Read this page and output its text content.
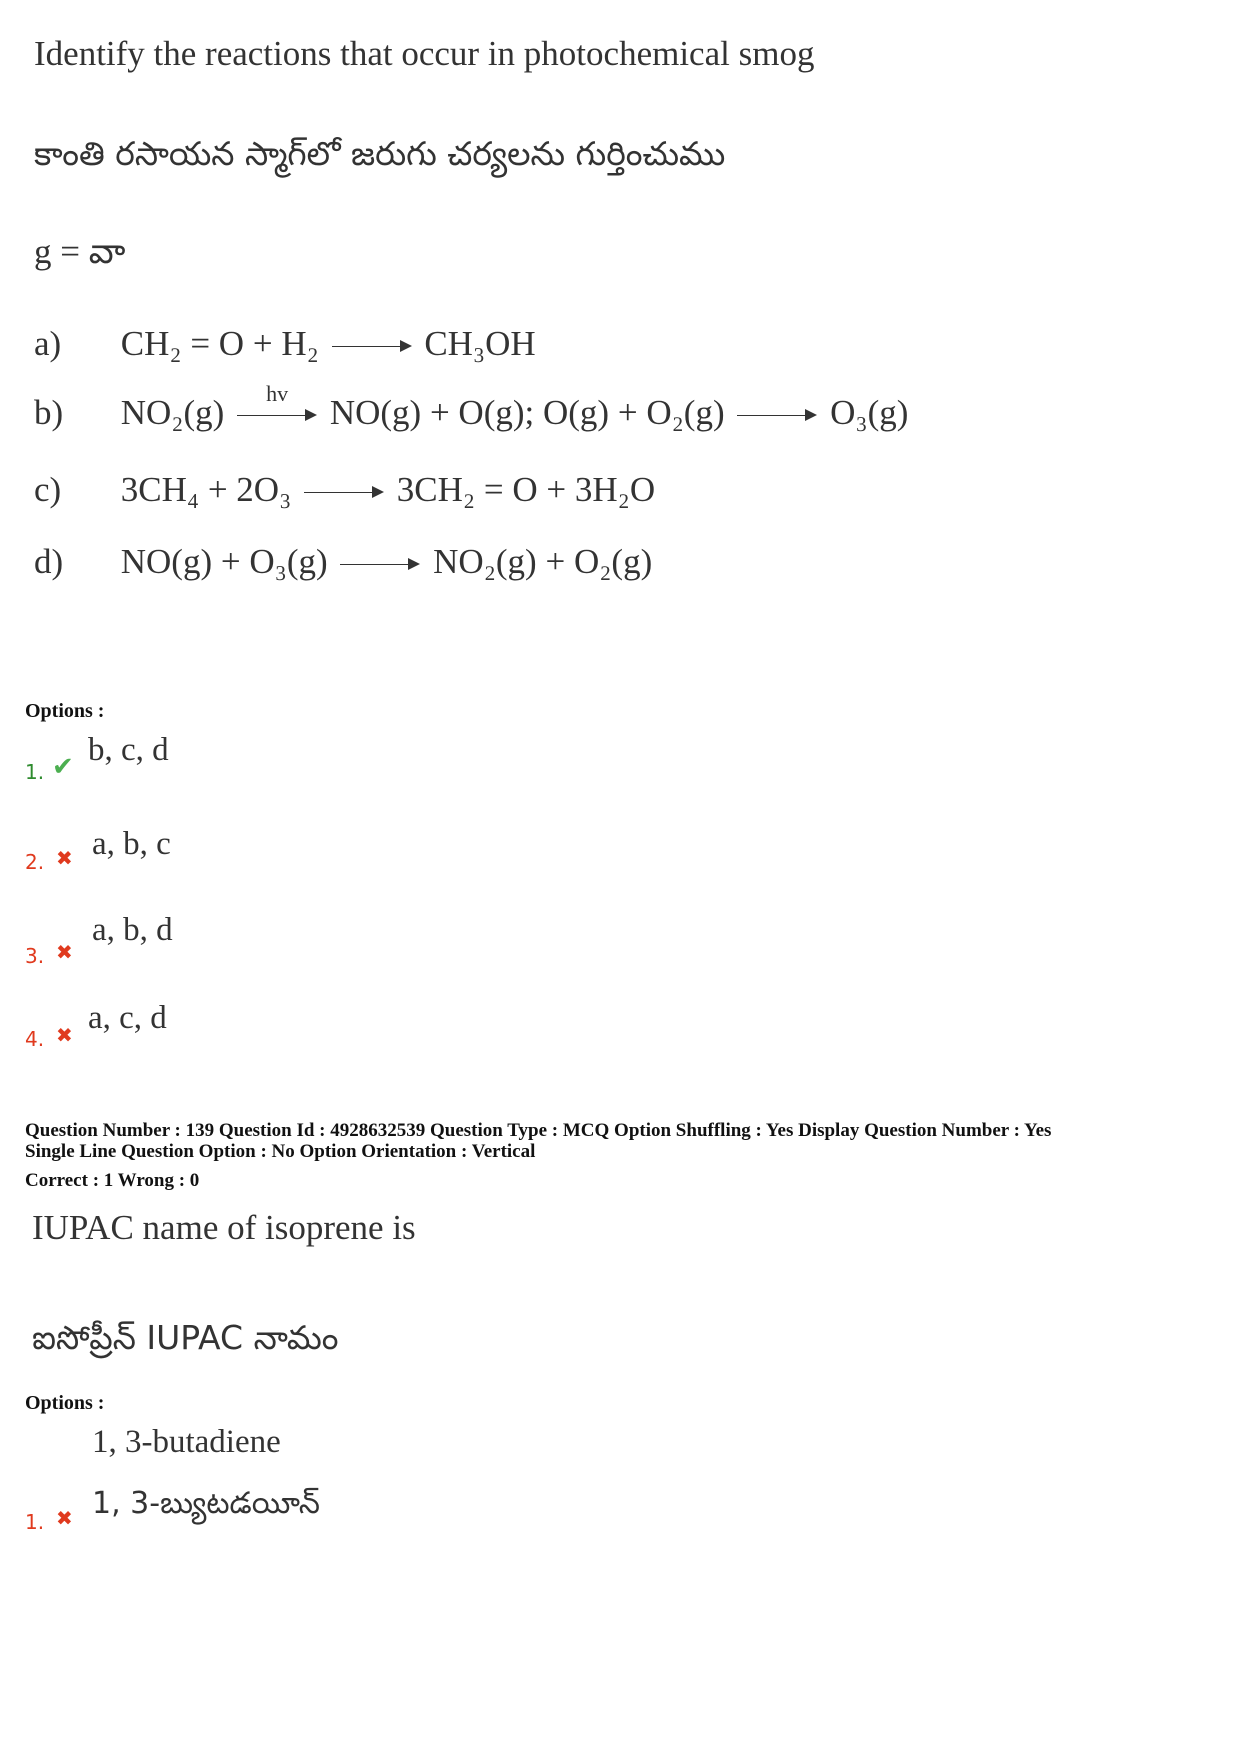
Identify the reactions that occur in photochemical smog
కాంతి రసాయన స్మాగ్‌లో జరుగు చర్యలను గుర్తించుము
g = వా
a) CH₂ = O + H₂	CH₃OH
b) NO₂(g)	hv	NO(g) + O(g); O(g) + O₂(g)	O₃(g)
c) 3CH₄ + 2O₃	3CH₂ = O + 3H₂O
d) NO(g) + O₃(g)	NO₂(g) + O₂(g)
Options :
1. ✔ b, c, d
2. ✖ a, b, c
3. ✖
a, b, d
4. ✖ a, c, d
Question Number : 139 Question Id : 4928632539 Question Type : MCQ Option Shuffling : Yes Display Question Number : Yes
Single Line Question Option : No Option Orientation : Vertical
Correct : 1 Wrong : 0
IUPAC name of isoprene is
ఐసోప్రీన్ IUPAC నామం
Options :
1, 3-butadiene
1. ✖ 1, 3-బ్యుటడయీన్
